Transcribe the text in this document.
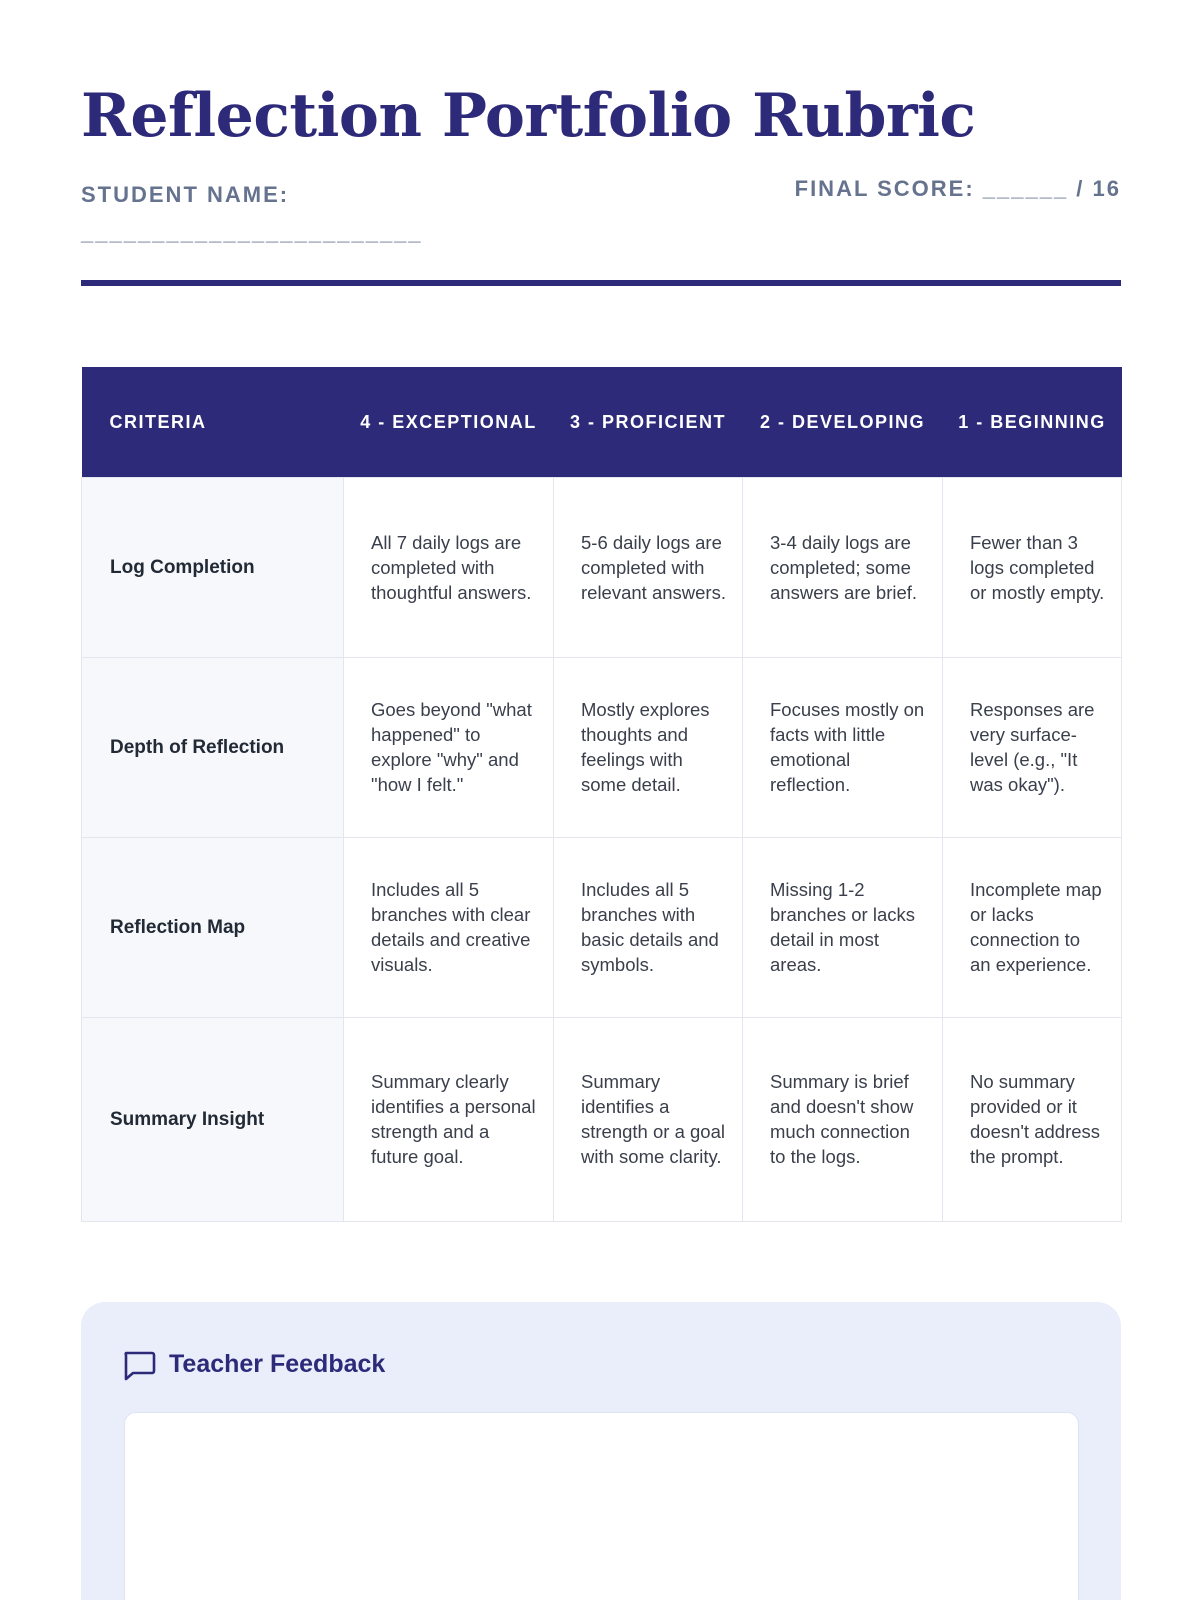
Reflection Portfolio Rubric
STUDENT NAME: ________________________
FINAL SCORE: ______ / 16
CRITERIA	4 - EXCEPTIONAL	3 - PROFICIENT	2 - DEVELOPING	1 - BEGINNING
Log Completion	All 7 daily logs are completed with thoughtful answers.	5-6 daily logs are completed with relevant answers.	3-4 daily logs are completed; some answers are brief.	Fewer than 3 logs completed or mostly empty.
Depth of Reflection	Goes beyond "what happened" to explore "why" and "how I felt."	Mostly explores thoughts and feelings with some detail.	Focuses mostly on facts with little emotional reflection.	Responses are very surface-level (e.g., "It was okay").
Reflection Map	Includes all 5 branches with clear details and creative visuals.	Includes all 5 branches with basic details and symbols.	Missing 1-2 branches or lacks detail in most areas.	Incomplete map or lacks connection to an experience.
Summary Insight	Summary clearly identifies a personal strength and a future goal.	Summary identifies a strength or a goal with some clarity.	Summary is brief and doesn't show much connection to the logs.	No summary provided or it doesn't address the prompt.
Teacher Feedback
